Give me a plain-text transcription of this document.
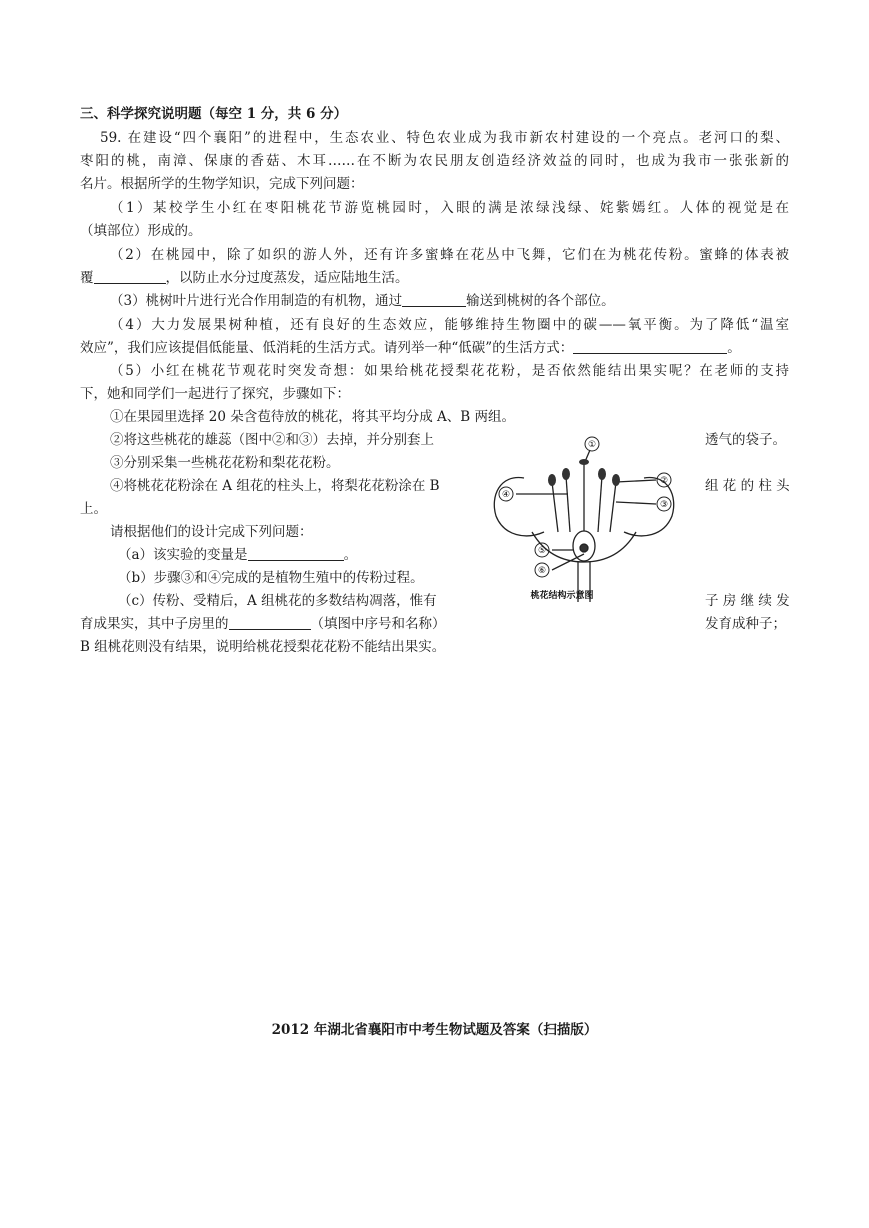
三、科学探究说明题（每空 1 分，共 6 分）
59. 在建设“四个襄阳”的进程中，生态农业、特色农业成为我市新农村建设的一个亮点。老河口的梨、
枣阳的桃，南漳、保康的香菇、木耳……在不断为农民朋友创造经济效益的同时，也成为我市一张张新的
名片。根据所学的生物学知识，完成下列问题：
（1）某校学生小红在枣阳桃花节游览桃园时，入眼的满是浓绿浅绿、姹紫嫣红。人体的视觉是在
（填部位）形成的。
（2）在桃园中，除了如织的游人外，还有许多蜜蜂在花丛中飞舞，它们在为桃花传粉。蜜蜂的体表被
覆	，以防止水分过度蒸发，适应陆地生活。
（3）桃树叶片进行光合作用制造的有机物，通过	输送到桃树的各个部位。
（4）大力发展果树种植，还有良好的生态效应，能够维持生物圈中的碳——氧平衡。为了降低“温室
效应”，我们应该提倡低能量、低消耗的生活方式。请列举一种“低碳”的生活方式：	。
（5）小红在桃花节观花时突发奇想：如果给桃花授梨花花粉，是否依然能结出果实呢？在老师的支持
下，她和同学们一起进行了探究，步骤如下：
①在果园里选择 20 朵含苞待放的桃花，将其平均分成 A、B 两组。
②将这些桃花的雄蕊（图中②和③）去掉，并分别套上	透气的袋子。
③分别采集一些桃花花粉和梨花花粉。
④将桃花花粉涂在 A 组花的柱头上，将梨花花粉涂在 B	组 花 的 柱 头
上。
请根据他们的设计完成下列问题：
（a）该实验的变量是	。
（b）步骤③和④完成的是植物生殖中的传粉过程。
（c）传粉、受精后，A 组桃花的多数结构凋落，惟有	子 房 继 续 发
育成果实，其中子房里的	（填图中序号和名称）	发育成种子；
B 组桃花则没有结果，说明给桃花授梨花花粉不能结出果实。
①
②
③
④
⑤
⑥
桃花结构示意图
2012 年湖北省襄阳市中考生物试题及答案（扫描版）
